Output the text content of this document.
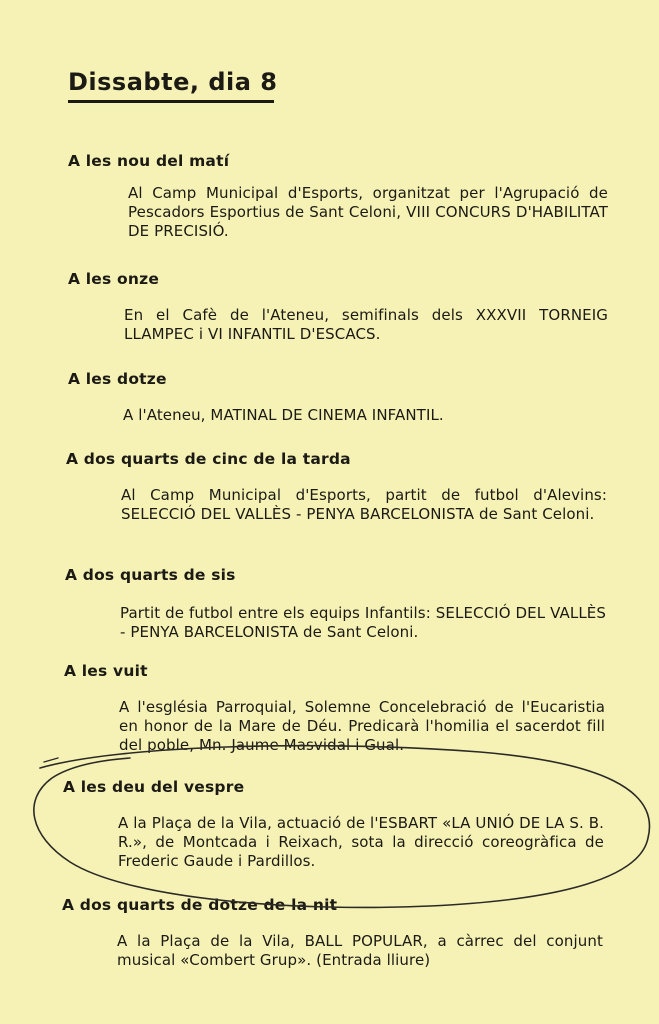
Dissabte, dia 8
A les nou del matí
Al Camp Municipal d'Esports, organitzat per l'Agrupació de Pescadors Esportius de Sant Celoni, VIII CONCURS D'HABILITAT DE PRECISIÓ.
A les onze
En el Cafè de l'Ateneu, semifinals dels XXXVII TORNEIG LLAMPEC i VI INFANTIL D'ESCACS.
A les dotze
A l'Ateneu, MATINAL DE CINEMA INFANTIL.
A dos quarts de cinc de la tarda
Al Camp Municipal d'Esports, partit de futbol d'Alevins: SELECCIÓ DEL VALLÈS - PENYA BARCELONISTA de Sant Celoni.
A dos quarts de sis
Partit de futbol entre els equips Infantils: SELECCIÓ DEL VALLÈS - PENYA BARCELONISTA de Sant Celoni.
A les vuit
A l'església Parroquial, Solemne Concelebració de l'Eucaristia en honor de la Mare de Déu. Predicarà l'homilia el sacerdot fill del poble, Mn. Jaume Masvidal i Gual.
A les deu del vespre
A la Plaça de la Vila, actuació de l'ESBART «LA UNIÓ DE LA S. B. R.», de Montcada i Reixach, sota la direcció coreogràfica de Frederic Gaude i Pardillos.
A dos quarts de dotze de la nit
A la Plaça de la Vila, BALL POPULAR, a càrrec del conjunt musical «Combert Grup». (Entrada lliure)
